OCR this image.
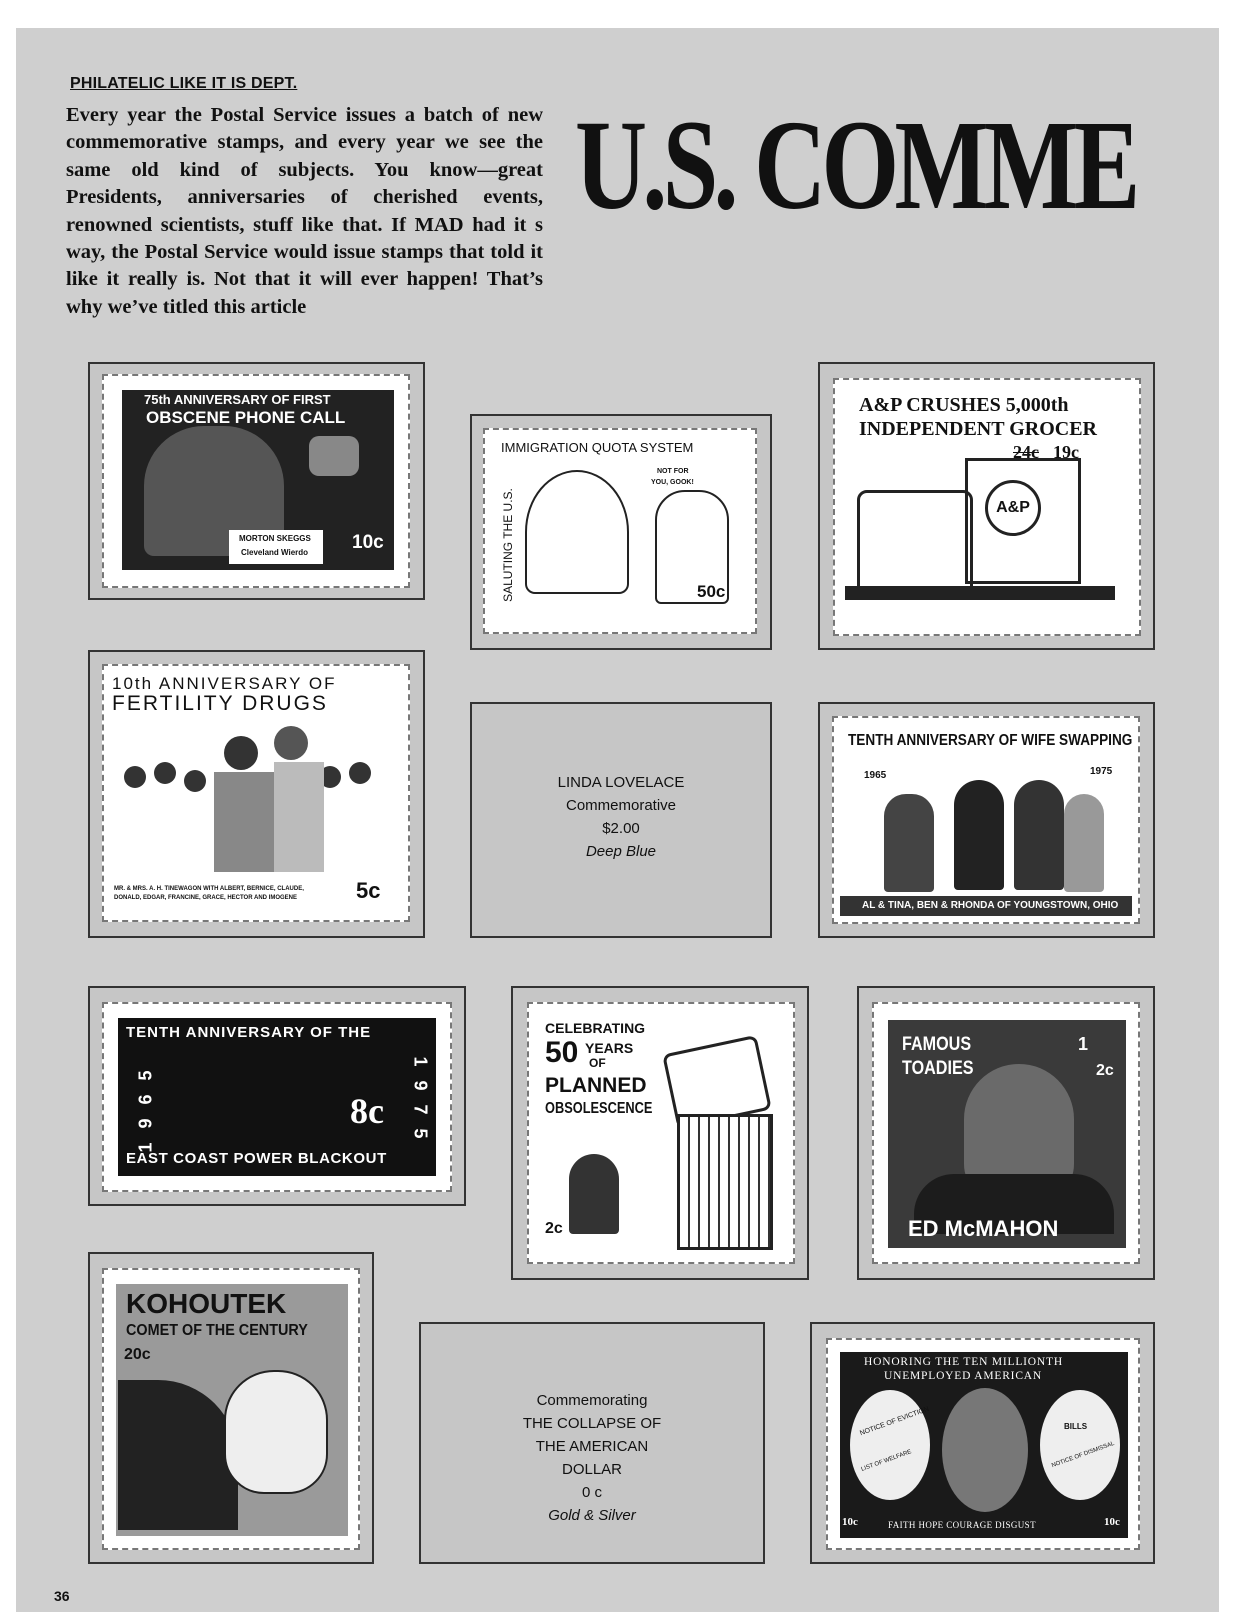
PHILATELIC LIKE IT IS DEPT.

Every year the Postal Service issues a batch of new commemorative stamps, and every year we see the same old kind of subjects. You know—great Presidents, anniversaries of cherished events, renowned scientists, stuff like that. If MAD had it s way, the Postal Service would issue stamps that told it like it really is. Not that it will ever happen! That’s why we’ve titled this article

U.S. COMME
75th ANNIVERSARY OF FIRST
OBSCENE PHONE CALL
MORTON SKEGGS
Cleveland Wierdo 10c
IMMIGRATION QUOTA SYSTEM
SALUTING THE U.S.
NOT FOR
YOU, GOOK!
50c
A&P CRUSHES 5,000th
INDEPENDENT GROCER
24c 19c
A&P
10th ANNIVERSARY OF
FERTILITY DRUGS
MR. & MRS. A. H. TINEWAGON WITH ALBERT, BERNICE, CLAUDE,
DONALD, EDGAR, FRANCINE, GRACE, HECTOR AND IMOGENE	5c
LINDA LOVELACE
Commemorative
$2.00
Deep Blue
TENTH ANNIVERSARY OF WIFE SWAPPING
1965	1975
AL & TINA, BEN & RHONDA OF YOUNGSTOWN, OHIO
TENTH ANNIVERSARY OF THE
1965	1975
8c
EAST COAST POWER BLACKOUT
CELEBRATING
50 YEARS
OF
PLANNED
OBSOLESCENCE
2c
FAMOUS
TOADIES
1
2c
ED McMAHON
KOHOUTEK
COMET OF THE CENTURY
20c
Commemorating
THE COLLAPSE OF
THE AMERICAN
DOLLAR
0 c
Gold & Silver
HONORING THE TEN MILLIONTH
UNEMPLOYED AMERICAN
NOTICE OF EVICTION
LIST OF WELFARE
BILLS
NOTICE OF DISMISSAL
10c	10c
FAITH HOPE COURAGE DISGUST
36
